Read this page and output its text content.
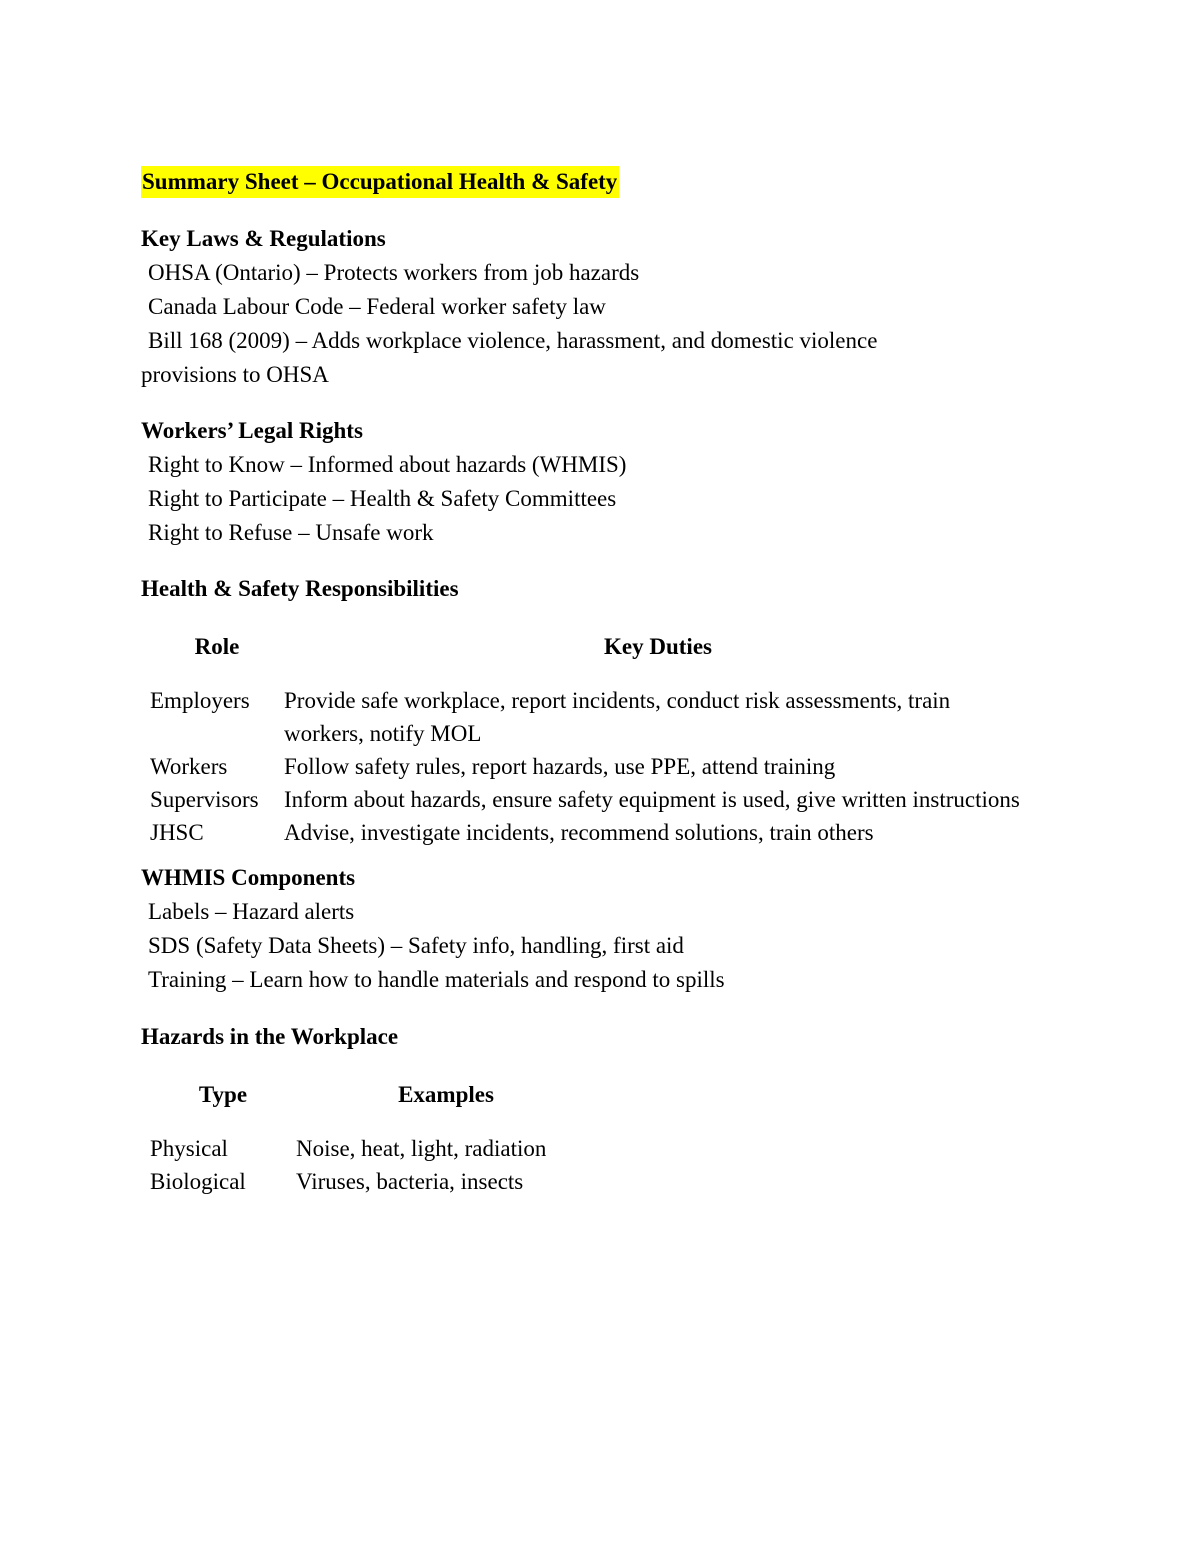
Summary Sheet – Occupational Health & Safety

Key Laws & Regulations

OHSA (Ontario) – Protects workers from job hazards

Canada Labour Code – Federal worker safety law

Bill 168 (2009) – Adds workplace violence, harassment, and domestic violence

provisions to OHSA

Workers’ Legal Rights

Right to Know – Informed about hazards (WHMIS)

Right to Participate – Health & Safety Committees

Right to Refuse – Unsafe work

Health & Safety Responsibilities

Role	Key Duties
Employers	Provide safe workplace, report incidents, conduct risk assessments, train workers, notify MOL
Workers	Follow safety rules, report hazards, use PPE, attend training
Supervisors	Inform about hazards, ensure safety equipment is used, give written instructions
JHSC	Advise, investigate incidents, recommend solutions, train others

WHMIS Components

Labels – Hazard alerts

SDS (Safety Data Sheets) – Safety info, handling, first aid

Training – Learn how to handle materials and respond to spills

Hazards in the Workplace

Type	Examples
Physical	Noise, heat, light, radiation
Biological	Viruses, bacteria, insects
